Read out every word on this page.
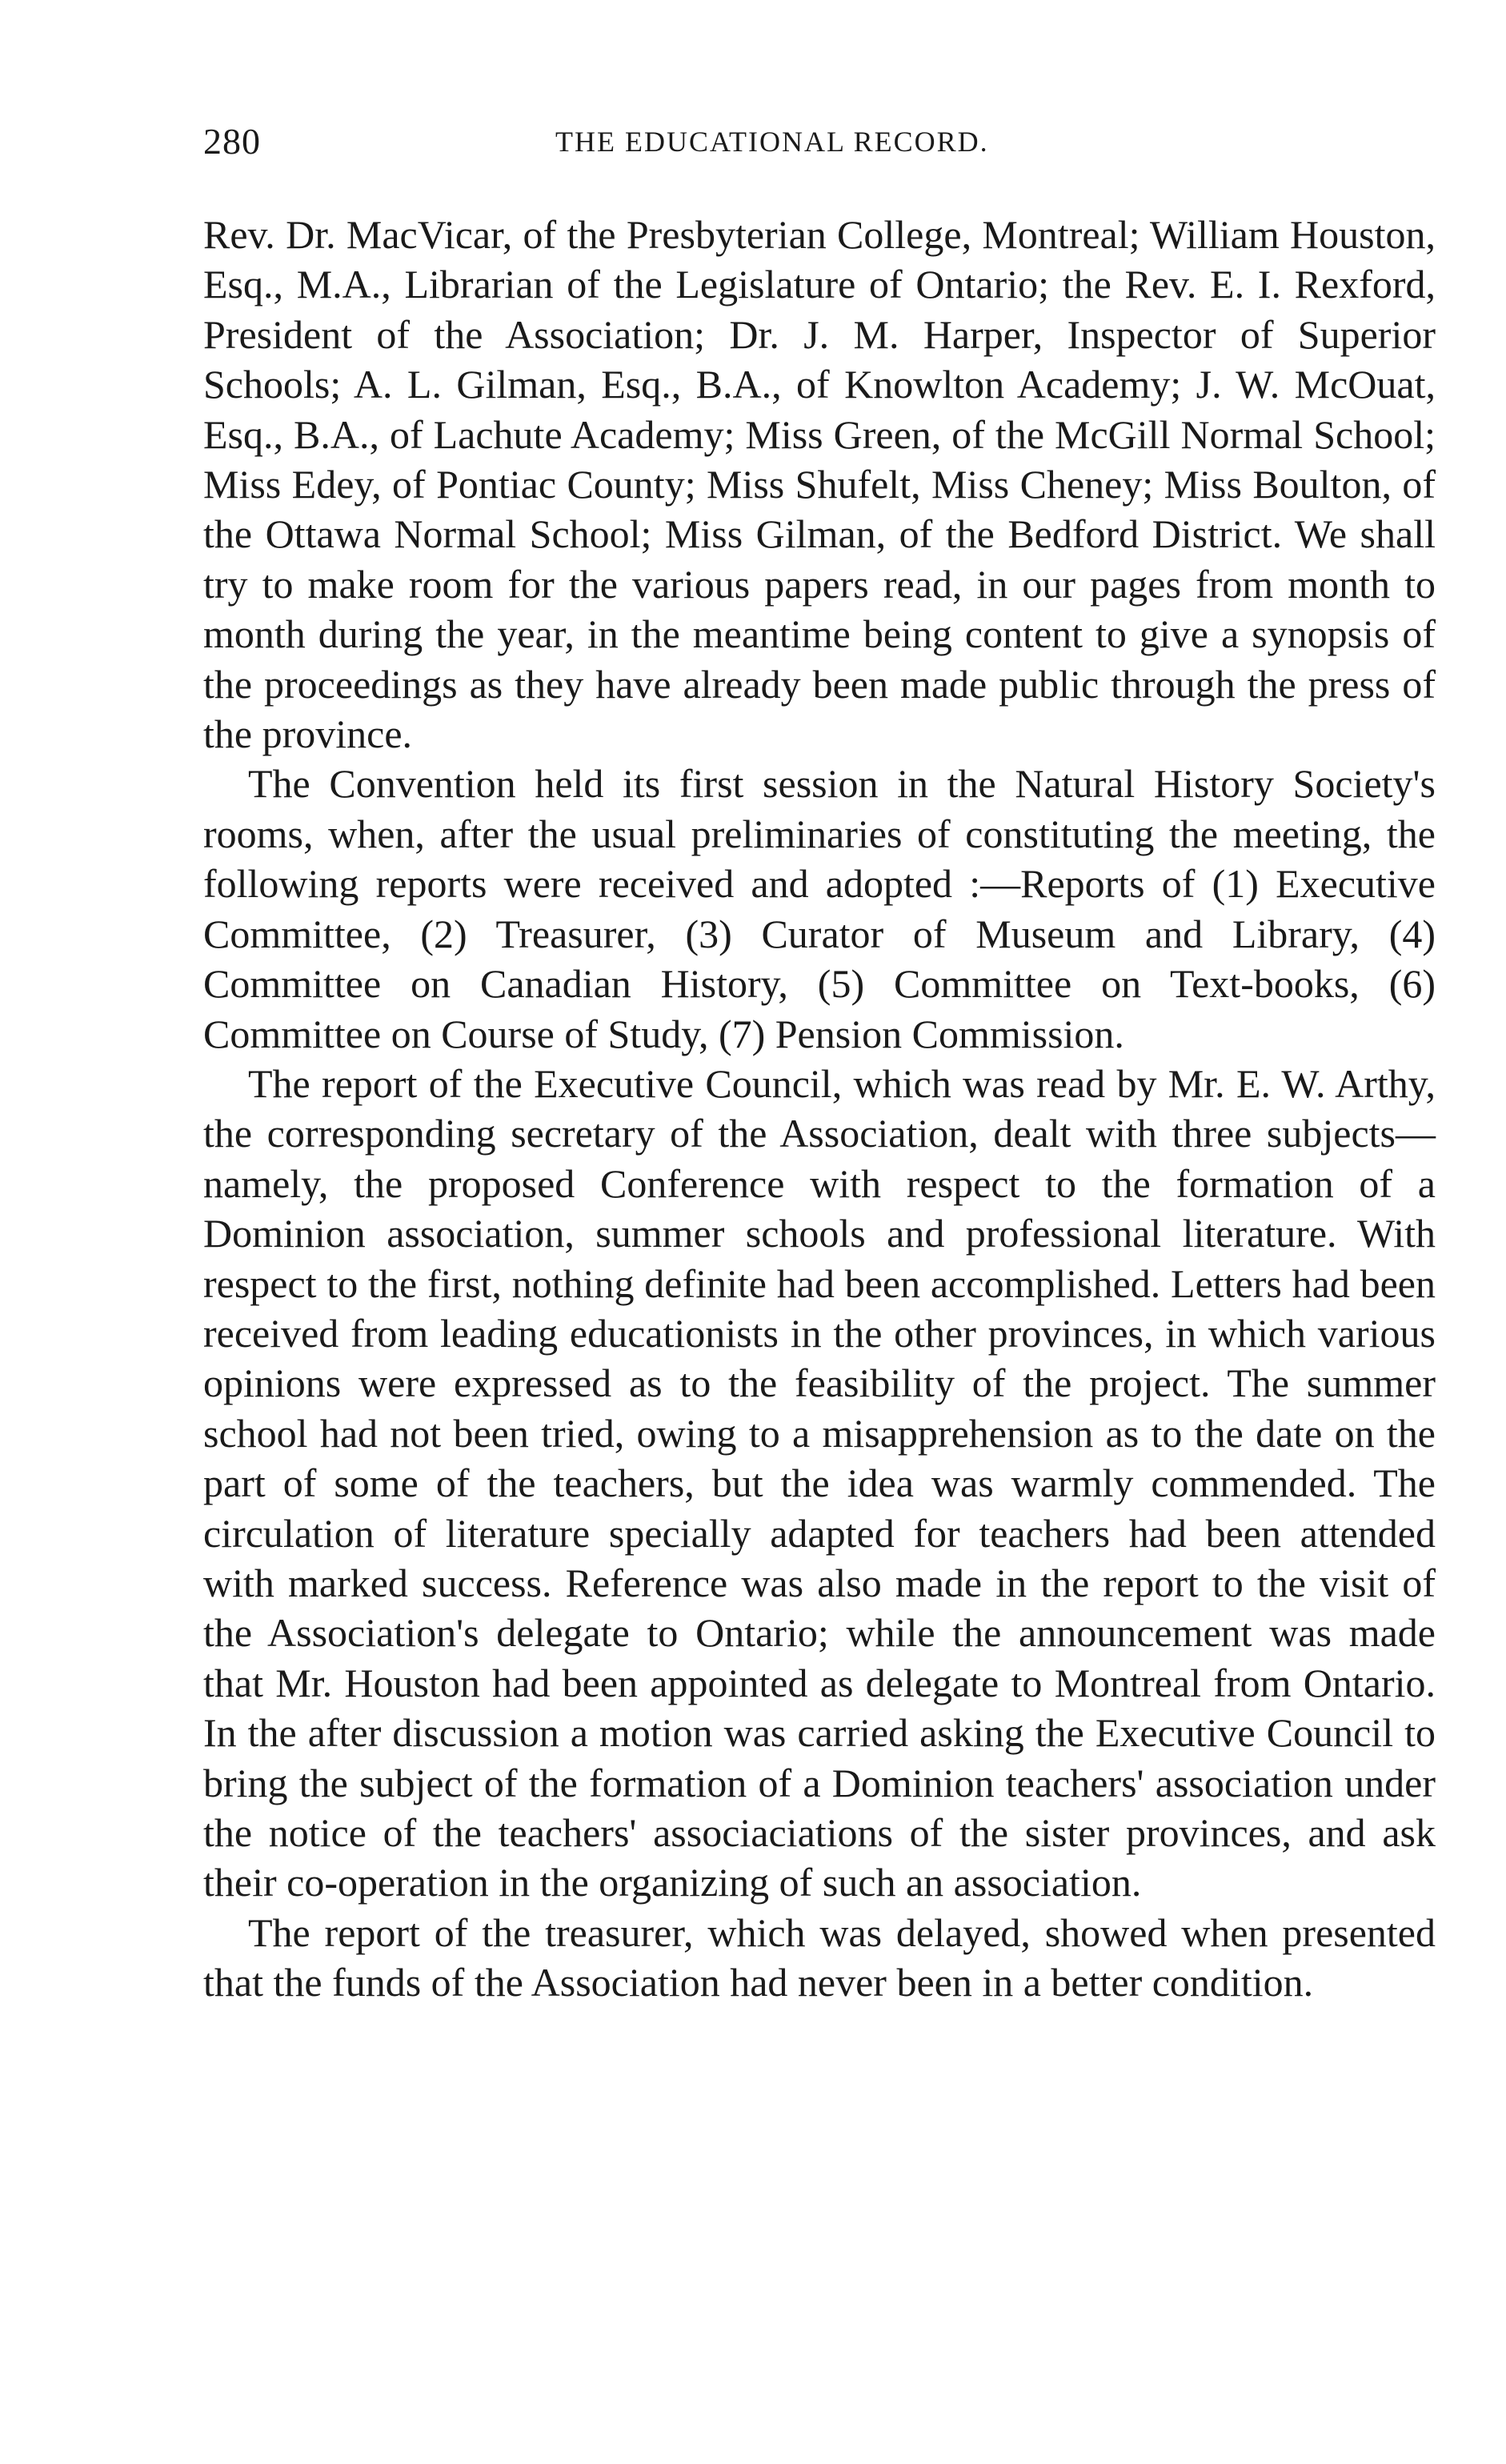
280	THE EDUCATIONAL RECORD.

Rev. Dr. MacVicar, of the Presbyterian College, Montreal; William Houston, Esq., M.A., Librarian of the Legislature of Ontario; the Rev. E. I. Rexford, President of the Association; Dr. J. M. Harper, Inspector of Superior Schools; A. L. Gilman, Esq., B.A., of Knowlton Academy; J. W. McOuat, Esq., B.A., of Lachute Academy; Miss Green, of the McGill Normal School; Miss Edey, of Pontiac County; Miss Shufelt, Miss Cheney; Miss Boulton, of the Ottawa Normal School; Miss Gilman, of the Bedford District. We shall try to make room for the various papers read, in our pages from month to month during the year, in the meantime being content to give a synopsis of the proceedings as they have already been made public through the press of the province.

The Convention held its first session in the Natural History Society's rooms, when, after the usual preliminaries of constituting the meeting, the following reports were received and adopted :—Reports of (1) Executive Committee, (2) Treasurer, (3) Curator of Museum and Library, (4) Committee on Canadian History, (5) Committee on Text-books, (6) Committee on Course of Study, (7) Pension Commission.

The report of the Executive Council, which was read by Mr. E. W. Arthy, the corresponding secretary of the Association, dealt with three subjects—namely, the proposed Conference with respect to the formation of a Dominion association, summer schools and professional literature. With respect to the first, nothing definite had been accomplished. Letters had been received from leading educationists in the other provinces, in which various opinions were expressed as to the feasibility of the project. The summer school had not been tried, owing to a misapprehension as to the date on the part of some of the teachers, but the idea was warmly commended. The circulation of literature specially adapted for teachers had been attended with marked success. Reference was also made in the report to the visit of the Association's delegate to Ontario; while the announcement was made that Mr. Houston had been appointed as delegate to Montreal from Ontario. In the after discussion a motion was carried asking the Executive Council to bring the subject of the formation of a Dominion teachers' association under the notice of the teachers' associaciations of the sister provinces, and ask their co-operation in the organizing of such an association.

The report of the treasurer, which was delayed, showed when presented that the funds of the Association had never been in a better condition.
